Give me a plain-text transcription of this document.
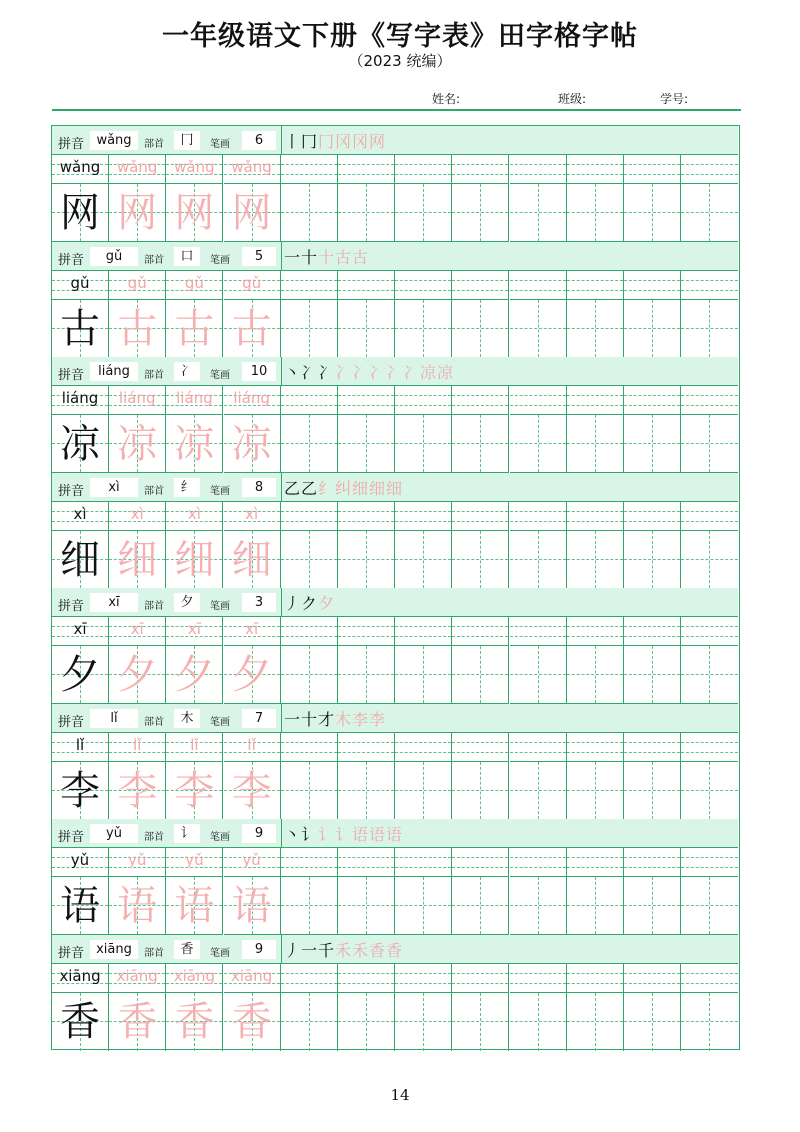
一年级语文下册《写字表》田字格字帖
（2023 统编）
姓名:	班级:	学号:
拼音 wǎng	部首	冂	笔画	6	丨冂冂冈冈网
wǎng	wǎng	wǎng	wǎng
网 网 网 网
拼音	gǔ	部首	口	笔画	5	一十十古古
gǔ	gǔ	gǔ	gǔ
古 古 古 古
拼音	liáng	部首	冫	笔画	10	丶冫冫冫冫冫冫冫凉凉
liáng	liáng	liáng	liáng
凉 凉 凉 凉
拼音	xì	部首	纟	笔画	8	乙乙纟纠细细细
xì	xì	xì	xì
细 细 细 细
拼音	xī	部首	夕	笔画	3	丿ク夕
xī	xī	xī	xī
夕 夕 夕 夕
拼音	lǐ	部首	木	笔画	7	一十才木李李
lǐ	lǐ	lǐ	lǐ
李 李 李 李
拼音	yǔ	部首	讠	笔画	9	丶讠讠讠语语语
yǔ	yǔ	yǔ	yǔ
语 语 语 语
拼音 xiāng	部首	香	笔画	9	丿一千禾禾香香
xiāng	xiāng	xiāng	xiāng
香 香 香 香
14
